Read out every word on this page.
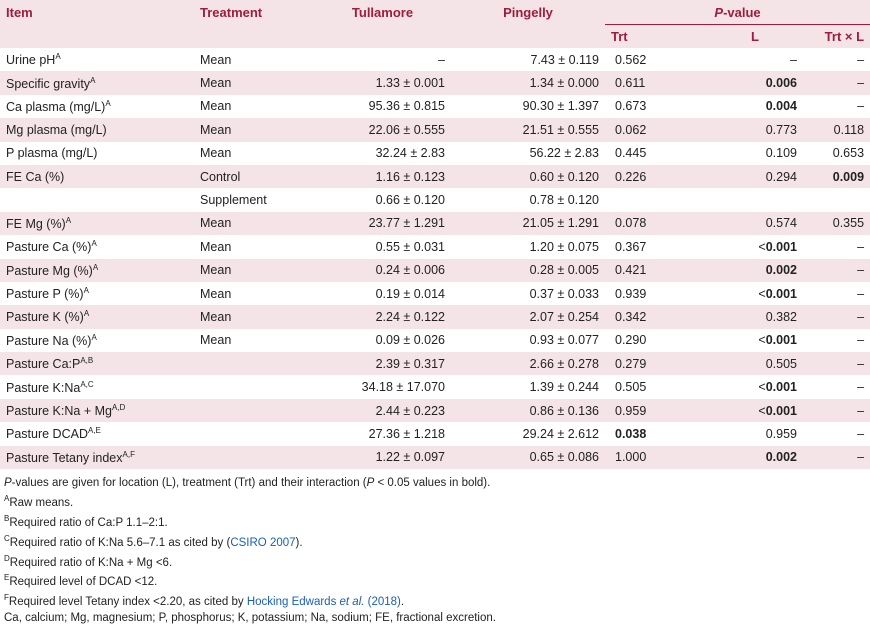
Item	Treatment	Tullamore	Pingelly	P-value		
				Trt	L	Trt × L
Urine $pH^A$	Mean	–	7.43 ± 0.119	0.562	–	–
Specific gravity$^A$	Mean	1.33 ± 0.001	1.34 ± 0.000	0.611	0.006	–
Ca plasma $(mg/L)^A$	Mean	95.36 ± 0.815	90.30 ± 1.397	0.673	0.004	–
Mg plasma (mg/L)	Mean	22.06 ± 0.555	21.51 ± 0.555	0.062	0.773	0.118
P plasma (mg/L)	Mean	32.24 ± 2.83	56.22 ± 2.83	0.445	0.109	0.653
FE Ca (%)	Control	1.16 ± 0.123	0.60 ± 0.120	0.226	0.294	0.009
	Supplement	0.66 ± 0.120	0.78 ± 0.120			
FE Mg (%)$^A$	Mean	23.77 ± 1.291	21.05 ± 1.291	0.078	0.574	0.355
Pasture Ca (%)$^A$	Mean	0.55 ± 0.031	1.20 ± 0.075	0.367	<0.001	–
Pasture Mg (%)$^A$	Mean	0.24 ± 0.006	0.28 ± 0.005	0.421	0.002	–
Pasture P (%)$^A$	Mean	0.19 ± 0.014	0.37 ± 0.033	0.939	<0.001	–
Pasture K (%)$^A$	Mean	2.24 ± 0.122	2.07 ± 0.254	0.342	0.382	–
Pasture Na (%)$^A$	Mean	0.09 ± 0.026	0.93 ± 0.077	0.290	<0.001	–
Pasture $Ca:P^{A,B}$		2.39 ± 0.317	2.66 ± 0.278	0.279	0.505	–
Pasture $K:Na^{A,C}$		34.18 ± 17.070	1.39 ± 0.244	0.505	<0.001	–
Pasture K:Na + $Mg^{A,D}$		2.44 ± 0.223	0.86 ± 0.136	0.959	<0.001	–
Pasture $DCAD^{A,E}$		27.36 ± 1.218	29.24 ± 2.612	0.038	0.959	–
Pasture Tetany index$^{A,F}$		1.22 ± 0.097	0.65 ± 0.086	1.000	0.002	–
P-values are given for location (L), treatment (Trt) and their interaction (P < 0.05 values in bold).
$^A$Raw means.
$^B$Required ratio of Ca:P 1.1–2:1.
$^C$Required ratio of K:Na 5.6–7.1 as cited by (CSIRO 2007).
$^D$Required ratio of K:Na + Mg <6.
$^E$Required level of DCAD <12.
$^F$Required level Tetany index <2.20, as cited by Hocking Edwards et al. (2018).
Ca, calcium; Mg, magnesium; P, phosphorus; K, potassium; Na, sodium; FE, fractional excretion.
